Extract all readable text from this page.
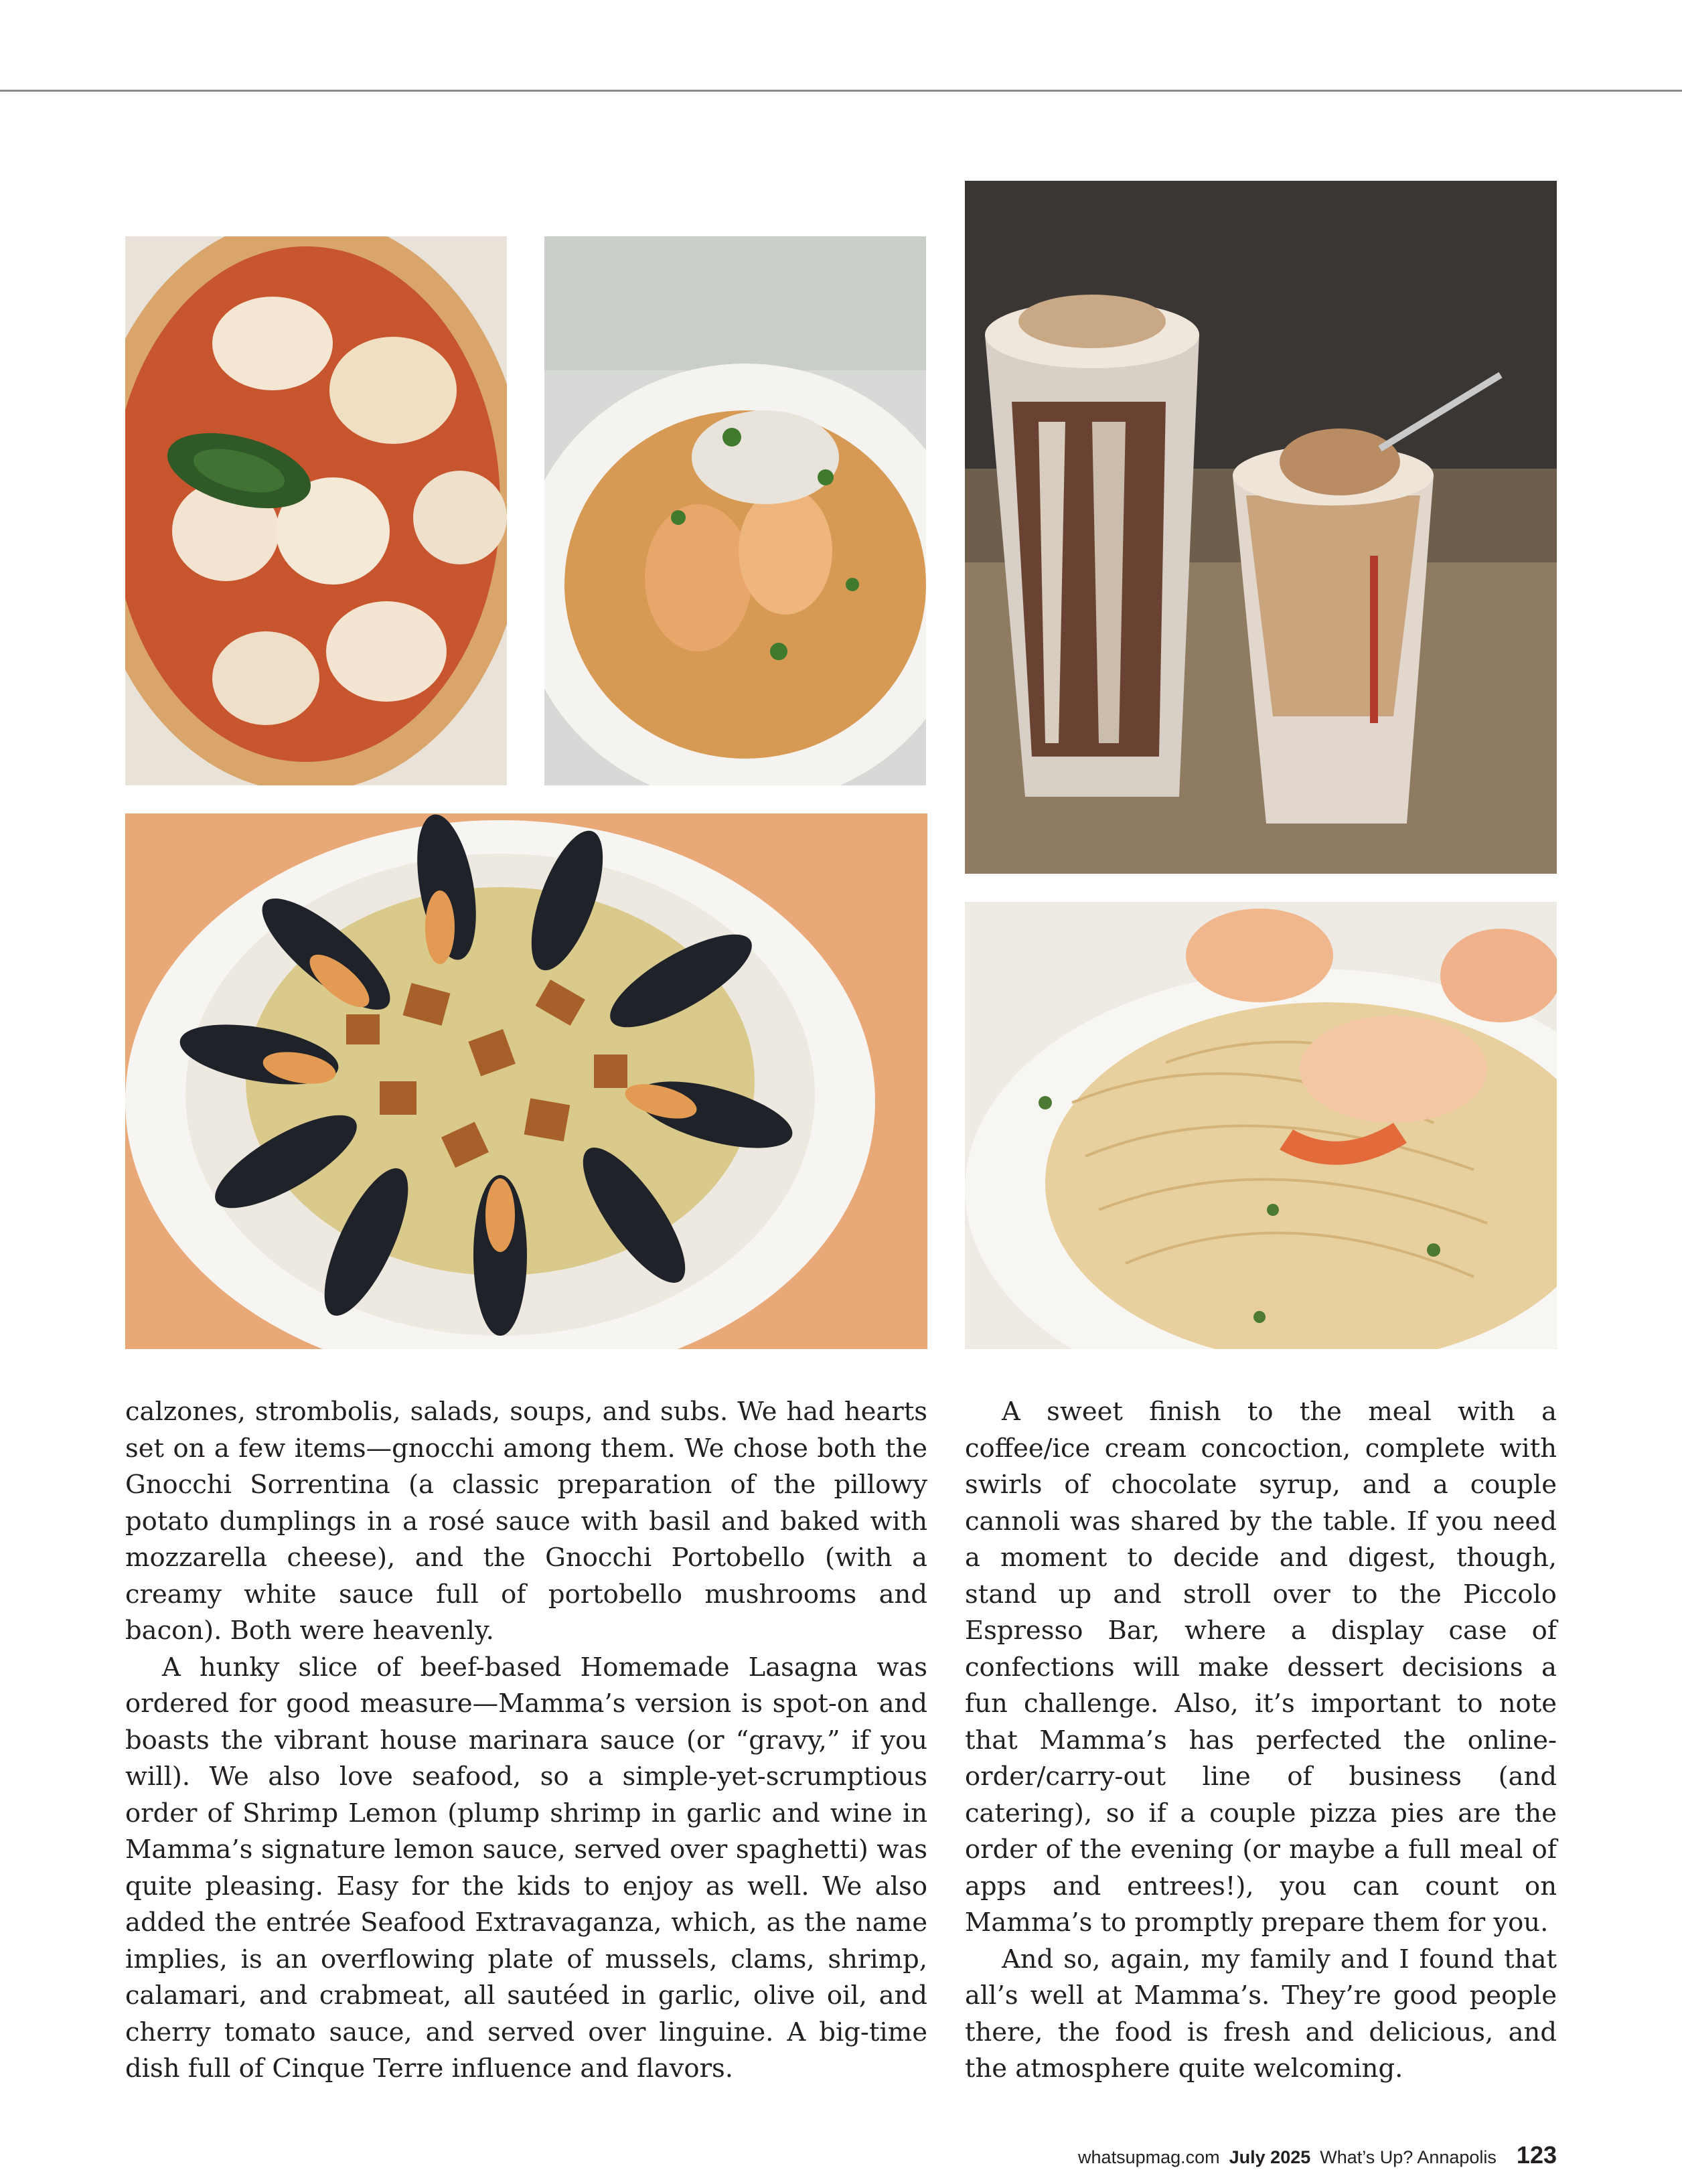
calzones, strombolis, salads, soups, and subs. We had hearts set on a few items—gnocchi among them. We chose both the Gnocchi Sorrentina (a classic preparation of the pillowy potato dumplings in a rosé sauce with basil and baked with mozzarella cheese), and the Gnocchi Portobello (with a creamy white sauce full of portobello mushrooms and bacon). Both were heavenly.

A hunky slice of beef-based Homemade Lasagna was ordered for good measure—Mamma’s version is spot-on and boasts the vibrant house marinara sauce (or “gravy,” if you will). We also love seafood, so a simple-yet-scrumptious order of Shrimp Lemon (plump shrimp in garlic and wine in Mamma’s signature lemon sauce, served over spaghetti) was quite pleasing. Easy for the kids to enjoy as well. We also added the entrée Seafood Extravaganza, which, as the name implies, is an overflowing plate of mussels, clams, shrimp, calamari, and crabmeat, all sautéed in garlic, olive oil, and cherry tomato sauce, and served over linguine. A big-time dish full of Cinque Terre influence and flavors.

A sweet finish to the meal with a coffee/ice cream concoction, complete with swirls of chocolate syrup, and a couple cannoli was shared by the table. If you need a moment to decide and digest, though, stand up and stroll over to the Piccolo Espresso Bar, where a display case of confections will make dessert decisions a fun challenge. Also, it’s important to note that Mamma’s has perfected the online-order/carry-out line of business (and catering), so if a couple pizza pies are the order of the evening (or maybe a full meal of apps and entrees!), you can count on Mamma’s to promptly prepare them for you.

And so, again, my family and I found that all’s well at Mamma’s. They’re good people there, the food is fresh and delicious, and the atmosphere quite welcoming.

whatsupmag.com July 2025 What’s Up? Annapolis 123
